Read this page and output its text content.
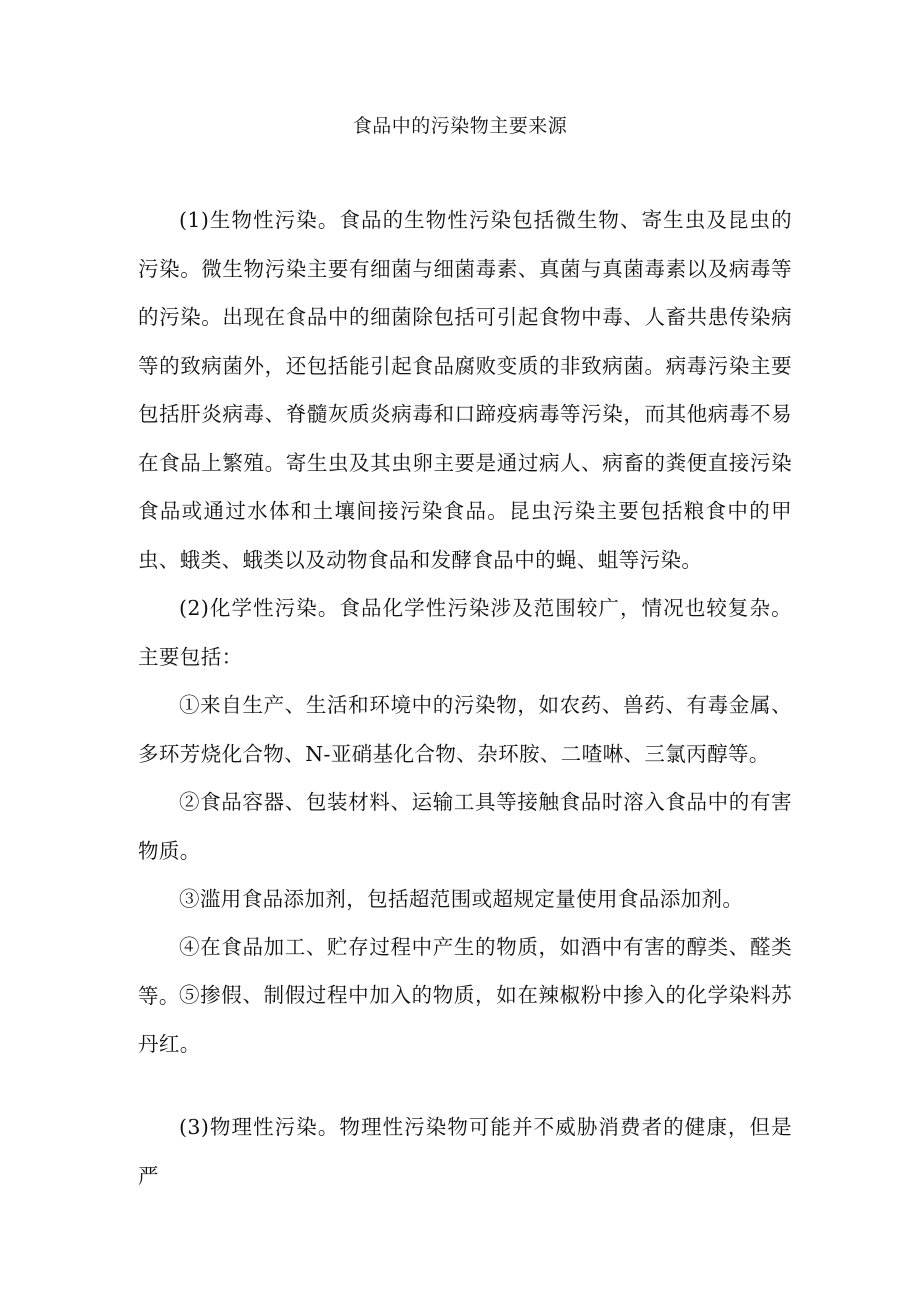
食品中的污染物主要来源

(1)生物性污染。食品的生物性污染包括微生物、寄生虫及昆虫的污染。微生物污染主要有细菌与细菌毒素、真菌与真菌毒素以及病毒等的污染。出现在食品中的细菌除包括可引起食物中毒、人畜共患传染病等的致病菌外，还包括能引起食品腐败变质的非致病菌。病毒污染主要包括肝炎病毒、脊髓灰质炎病毒和口蹄疫病毒等污染，而其他病毒不易在食品上繁殖。寄生虫及其虫卵主要是通过病人、病畜的粪便直接污染食品或通过水体和土壤间接污染食品。昆虫污染主要包括粮食中的甲虫、蛾类、蛾类以及动物食品和发酵食品中的蝇、蛆等污染。

(2)化学性污染。食品化学性污染涉及范围较广，情况也较复杂。主要包括：

①来自生产、生活和环境中的污染物，如农药、兽药、有毒金属、多环芳烧化合物、N-亚硝基化合物、杂环胺、二喳啉、三氯丙醇等。

②食品容器、包装材料、运输工具等接触食品时溶入食品中的有害物质。

③滥用食品添加剂，包括超范围或超规定量使用食品添加剂。

④在食品加工、贮存过程中产生的物质，如酒中有害的醇类、醛类等。 ⑤掺假、制假过程中加入的物质，如在辣椒粉中掺入的化学染料苏丹红。

(3)物理性污染。物理性污染物可能并不威胁消费者的健康，但是严
